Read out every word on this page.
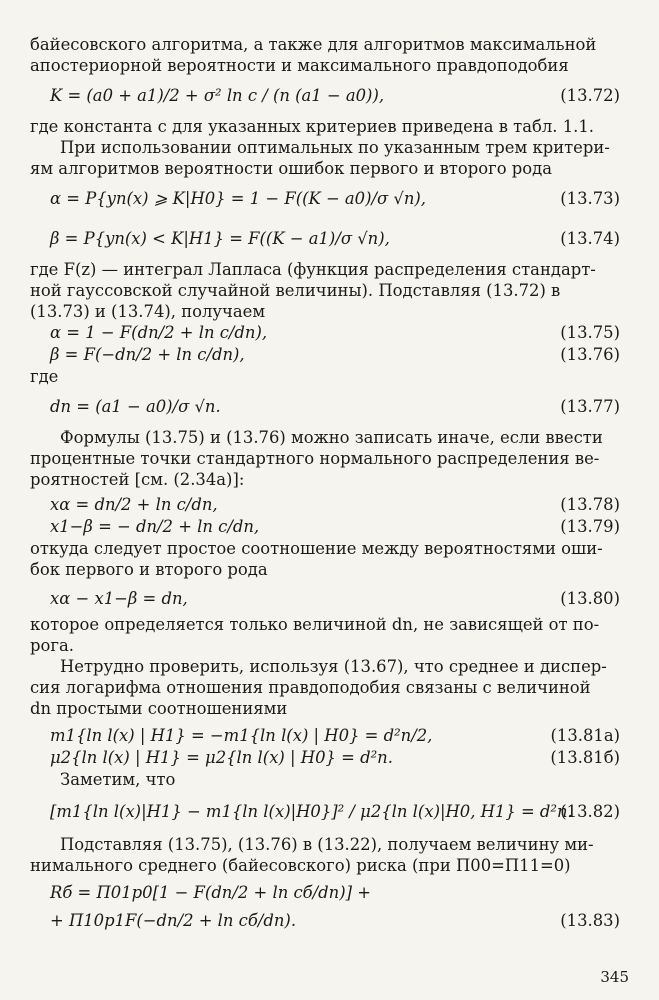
байесовского алгоритма, а также для алгоритмов максимальной

апостериорной вероятности и максимального правдоподобия

K = (a0 + a1)/2 + σ² ln c / (n (a1 − a0)),	(13.72)

где константа c для указанных критериев приведена в табл. 1.1.

При использовании оптимальных по указанным трем критери-

ям алгоритмов вероятности ошибок первого и второго рода

α = P{yn(x) ⩾ K|H0} = 1 − F((K − a0)/σ √n),	(13.73)
β = P{yn(x) < K|H1} = F((K − a1)/σ √n),	(13.74)

где F(z) — интеграл Лапласа (функция распределения стандарт-

ной гауссовской случайной величины). Подставляя (13.72) в

(13.73) и (13.74), получаем

α = 1 − F(dn/2 + ln c/dn),	(13.75)
β = F(−dn/2 + ln c/dn),	(13.76)

где

dn = (a1 − a0)/σ √n.	(13.77)

Формулы (13.75) и (13.76) можно записать иначе, если ввести

процентные точки стандартного нормального распределения ве-

роятностей [см. (2.34а)]:

xα = dn/2 + ln c/dn,	(13.78)
x1−β = − dn/2 + ln c/dn,	(13.79)

откуда следует простое соотношение между вероятностями оши-

бок первого и второго рода

xα − x1−β = dn,	(13.80)

которое определяется только величиной dn, не зависящей от по-

рога.

Нетрудно проверить, используя (13.67), что среднее и диспер-

сия логарифма отношения правдоподобия связаны с величиной

dn простыми соотношениями

m1{ln l(x) | H1} = −m1{ln l(x) | H0} = d²n/2,	(13.81а)
μ2{ln l(x) | H1} = μ2{ln l(x) | H0} = d²n.	(13.81б)

Заметим, что

[m1{ln l(x)|H1} − m1{ln l(x)|H0}]² / μ2{ln l(x)|H0, H1} = d²n.
(13.82)

Подставляя (13.75), (13.76) в (13.22), получаем величину ми-

нимального среднего (байесовского) риска (при П00=П11=0)

Rб = П01p0[1 − F(dn/2 + ln cб/dn)] +
+ П10p1F(−dn/2 + ln cб/dn).	(13.83)
345
